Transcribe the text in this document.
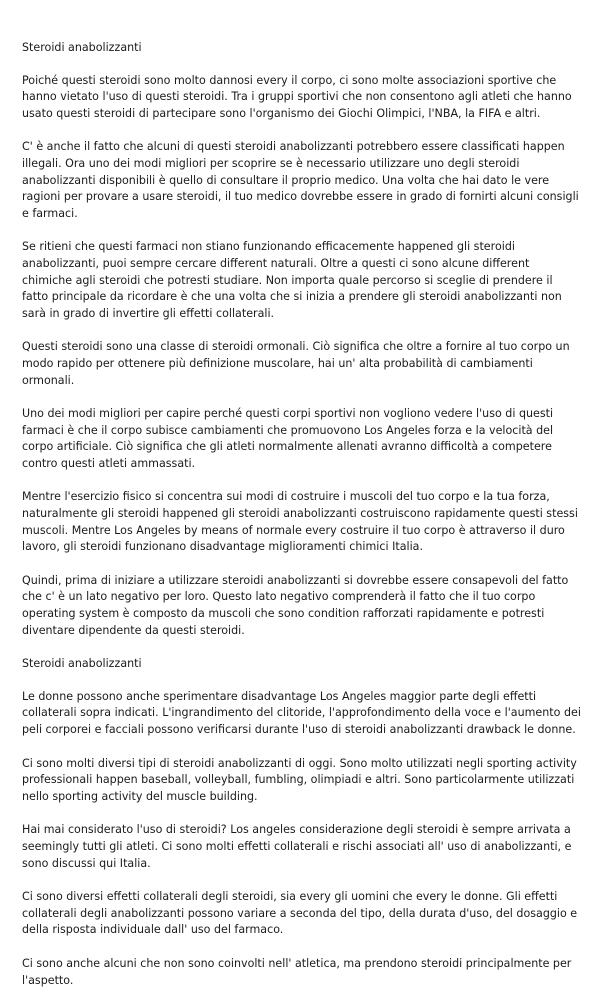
Steroidi anabolizzanti

Poiché questi steroidi sono molto dannosi every il corpo, ci sono molte associazioni sportive che hanno vietato l'uso di questi steroidi. Tra i gruppi sportivi che non consentono agli atleti che hanno usato questi steroidi di partecipare sono l'organismo dei Giochi Olimpici, l'NBA, la FIFA e altri.

C' è anche il fatto che alcuni di questi steroidi anabolizzanti potrebbero essere classificati happen illegali. Ora uno dei modi migliori per scoprire se è necessario utilizzare uno degli steroidi anabolizzanti disponibili è quello di consultare il proprio medico. Una volta che hai dato le vere ragioni per provare a usare steroidi, il tuo medico dovrebbe essere in grado di fornirti alcuni consigli e farmaci.

Se ritieni che questi farmaci non stiano funzionando efficacemente happened gli steroidi anabolizzanti, puoi sempre cercare different naturali. Oltre a questi ci sono alcune different chimiche agli steroidi che potresti studiare. Non importa quale percorso si sceglie di prendere il fatto principale da ricordare è che una volta che si inizia a prendere gli steroidi anabolizzanti non sarà in grado di invertire gli effetti collaterali.

Questi steroidi sono una classe di steroidi ormonali. Ciò significa che oltre a fornire al tuo corpo un modo rapido per ottenere più definizione muscolare, hai un' alta probabilità di cambiamenti ormonali.

Uno dei modi migliori per capire perché questi corpi sportivi non vogliono vedere l'uso di questi farmaci è che il corpo subisce cambiamenti che promuovono Los Angeles forza e la velocità del corpo artificiale. Ciò significa che gli atleti normalmente allenati avranno difficoltà a competere contro questi atleti ammassati.

Mentre l'esercizio fisico si concentra sui modi di costruire i muscoli del tuo corpo e la tua forza, naturalmente gli steroidi happened gli steroidi anabolizzanti costruiscono rapidamente questi stessi muscoli. Mentre Los Angeles by means of normale every costruire il tuo corpo è attraverso il duro lavoro, gli steroidi funzionano disadvantage miglioramenti chimici Italia.

Quindi, prima di iniziare a utilizzare steroidi anabolizzanti si dovrebbe essere consapevoli del fatto che c' è un lato negativo per loro. Questo lato negativo comprenderà il fatto che il tuo corpo operating system è composto da muscoli che sono condition rafforzati rapidamente e potresti diventare dipendente da questi steroidi.

Steroidi anabolizzanti

Le donne possono anche sperimentare disadvantage Los Angeles maggior parte degli effetti collaterali sopra indicati. L'ingrandimento del clitoride, l'approfondimento della voce e l'aumento dei peli corporei e facciali possono verificarsi durante l'uso di steroidi anabolizzanti drawback le donne.

Ci sono molti diversi tipi di steroidi anabolizzanti di oggi. Sono molto utilizzati negli sporting activity professionali happen baseball, volleyball, fumbling, olimpiadi e altri. Sono particolarmente utilizzati nello sporting activity del muscle building.

Hai mai considerato l'uso di steroidi? Los angeles considerazione degli steroidi è sempre arrivata a seemingly tutti gli atleti. Ci sono molti effetti collaterali e rischi associati all' uso di anabolizzanti, e sono discussi qui Italia.

Ci sono diversi effetti collaterali degli steroidi, sia every gli uomini che every le donne. Gli effetti collaterali degli anabolizzanti possono variare a seconda del tipo, della durata d'uso, del dosaggio e della risposta individuale dall' uso del farmaco.

Ci sono anche alcuni che non sono coinvolti nell' atletica, ma prendono steroidi principalmente per l'aspetto.
